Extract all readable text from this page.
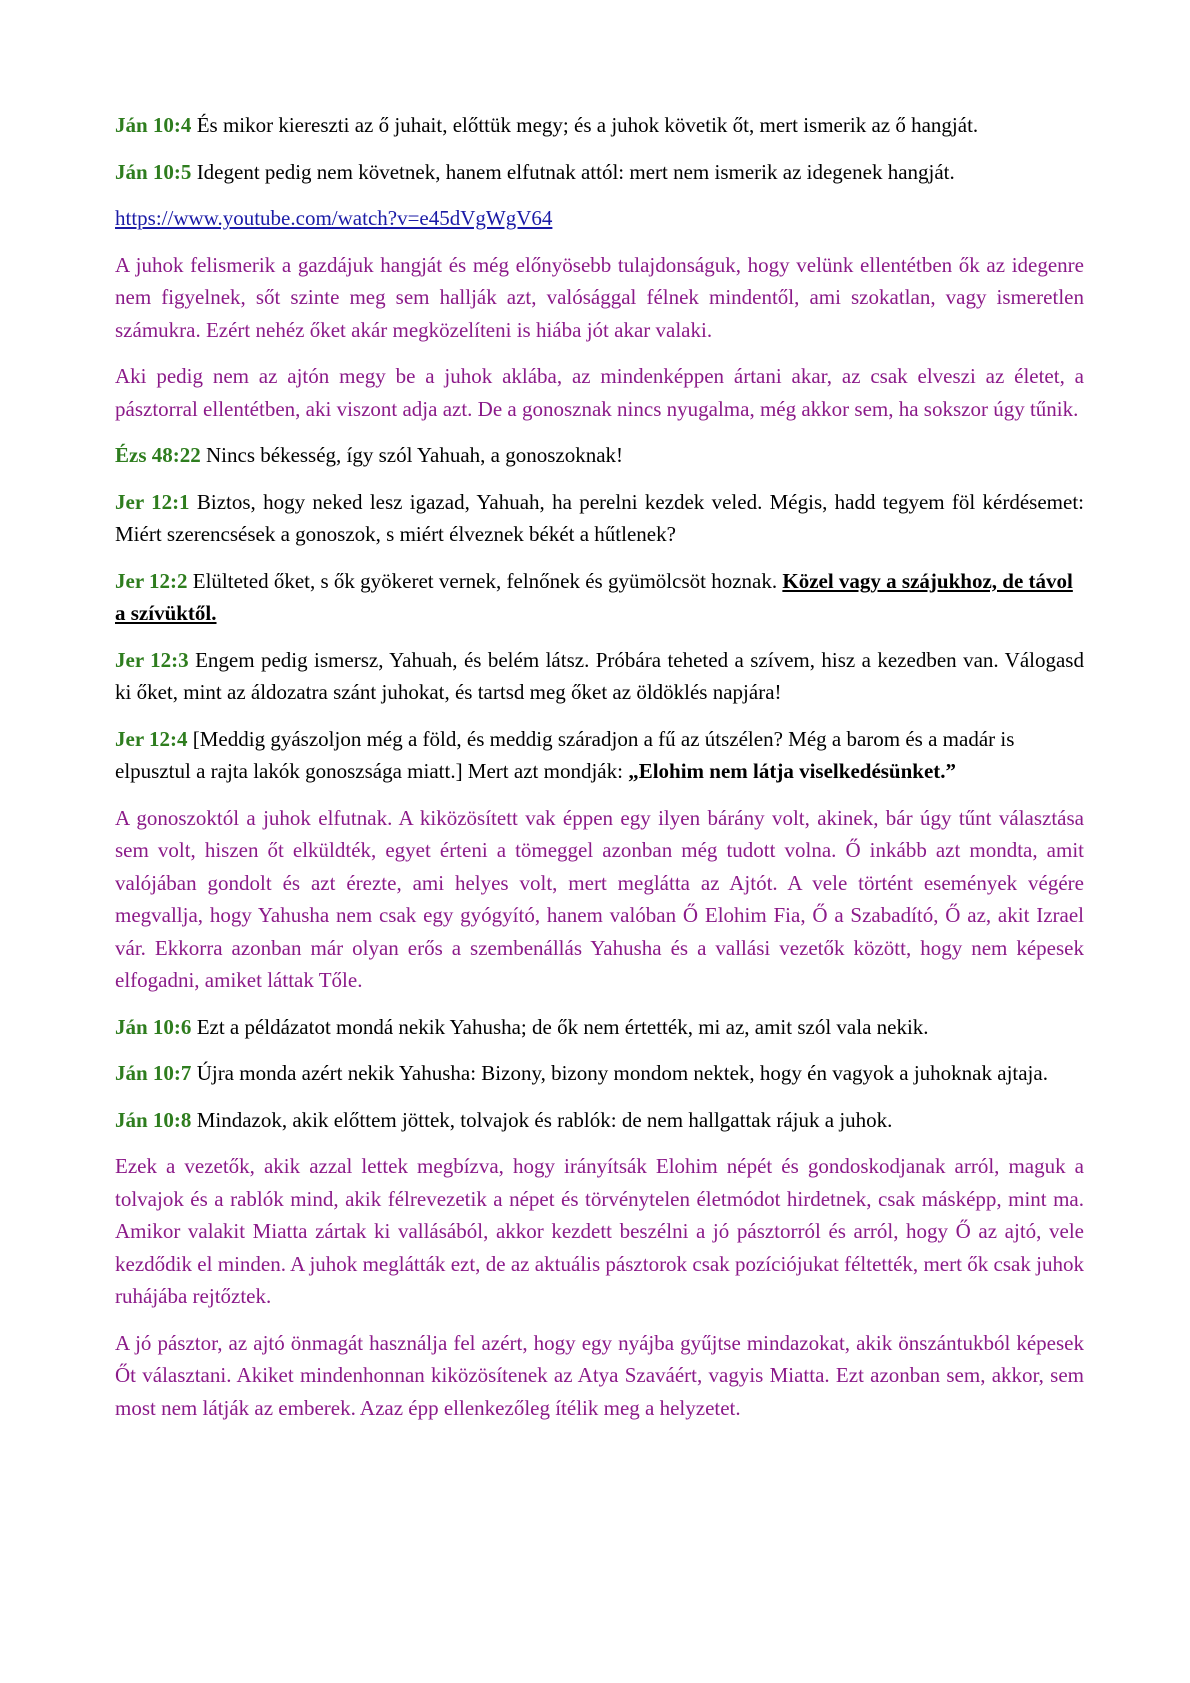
Ján 10:4 És mikor kiereszti az ő juhait, előttük megy; és a juhok követik őt, mert ismerik az ő hangját.

Ján 10:5 Idegent pedig nem követnek, hanem elfutnak attól: mert nem ismerik az idegenek hangját.

https://www.youtube.com/watch?v=e45dVgWgV64

A juhok felismerik a gazdájuk hangját és még előnyösebb tulajdonságuk, hogy velünk ellentétben ők az idegenre nem figyelnek, sőt szinte meg sem hallják azt, valósággal félnek mindentől, ami szokatlan, vagy ismeretlen számukra. Ezért nehéz őket akár megközelíteni is hiába jót akar valaki.

Aki pedig nem az ajtón megy be a juhok aklába, az mindenképpen ártani akar, az csak elveszi az életet, a pásztorral ellentétben, aki viszont adja azt. De a gonosznak nincs nyugalma, még akkor sem, ha sokszor úgy tűnik.

Ézs 48:22 Nincs békesség, így szól Yahuah, a gonoszoknak!

Jer 12:1 Biztos, hogy neked lesz igazad, Yahuah, ha perelni kezdek veled. Mégis, hadd tegyem föl kérdésemet: Miért szerencsések a gonoszok, s miért élveznek békét a hűtlenek?

Jer 12:2 Elülteted őket, s ők gyökeret vernek, felnőnek és gyümölcsöt hoznak. Közel vagy a szájukhoz, de távol a szívüktől.

Jer 12:3 Engem pedig ismersz, Yahuah, és belém látsz. Próbára teheted a szívem, hisz a kezedben van. Válogasd ki őket, mint az áldozatra szánt juhokat, és tartsd meg őket az öldöklés napjára!

Jer 12:4 [Meddig gyászoljon még a föld, és meddig száradjon a fű az útszélen? Még a barom és a madár is elpusztul a rajta lakók gonoszsága miatt.] Mert azt mondják: „Elohim nem látja viselkedésünket.”

A gonoszoktól a juhok elfutnak. A kiközösített vak éppen egy ilyen bárány volt, akinek, bár úgy tűnt választása sem volt, hiszen őt elküldték, egyet érteni a tömeggel azonban még tudott volna. Ő inkább azt mondta, amit valójában gondolt és azt érezte, ami helyes volt, mert meglátta az Ajtót. A vele történt események végére megvallja, hogy Yahusha nem csak egy gyógyító, hanem valóban Ő Elohim Fia, Ő a Szabadító, Ő az, akit Izrael vár. Ekkorra azonban már olyan erős a szembenállás Yahusha és a vallási vezetők között, hogy nem képesek elfogadni, amiket láttak Tőle.

Ján 10:6 Ezt a példázatot mondá nekik Yahusha; de ők nem értették, mi az, amit szól vala nekik.

Ján 10:7 Újra monda azért nekik Yahusha: Bizony, bizony mondom nektek, hogy én vagyok a juhoknak ajtaja.

Ján 10:8 Mindazok, akik előttem jöttek, tolvajok és rablók: de nem hallgattak rájuk a juhok.

Ezek a vezetők, akik azzal lettek megbízva, hogy irányítsák Elohim népét és gondoskodjanak arról, maguk a tolvajok és a rablók mind, akik félrevezetik a népet és törvénytelen életmódot hirdetnek, csak másképp, mint ma. Amikor valakit Miatta zártak ki vallásából, akkor kezdett beszélni a jó pásztorról és arról, hogy Ő az ajtó, vele kezdődik el minden. A juhok meglátták ezt, de az aktuális pásztorok csak pozíciójukat féltették, mert ők csak juhok ruhájába rejtőztek.

A jó pásztor, az ajtó önmagát használja fel azért, hogy egy nyájba gyűjtse mindazokat, akik önszántukból képesek Őt választani. Akiket mindenhonnan kiközösítenek az Atya Szaváért, vagyis Miatta. Ezt azonban sem, akkor, sem most nem látják az emberek. Azaz épp ellenkezőleg ítélik meg a helyzetet.
